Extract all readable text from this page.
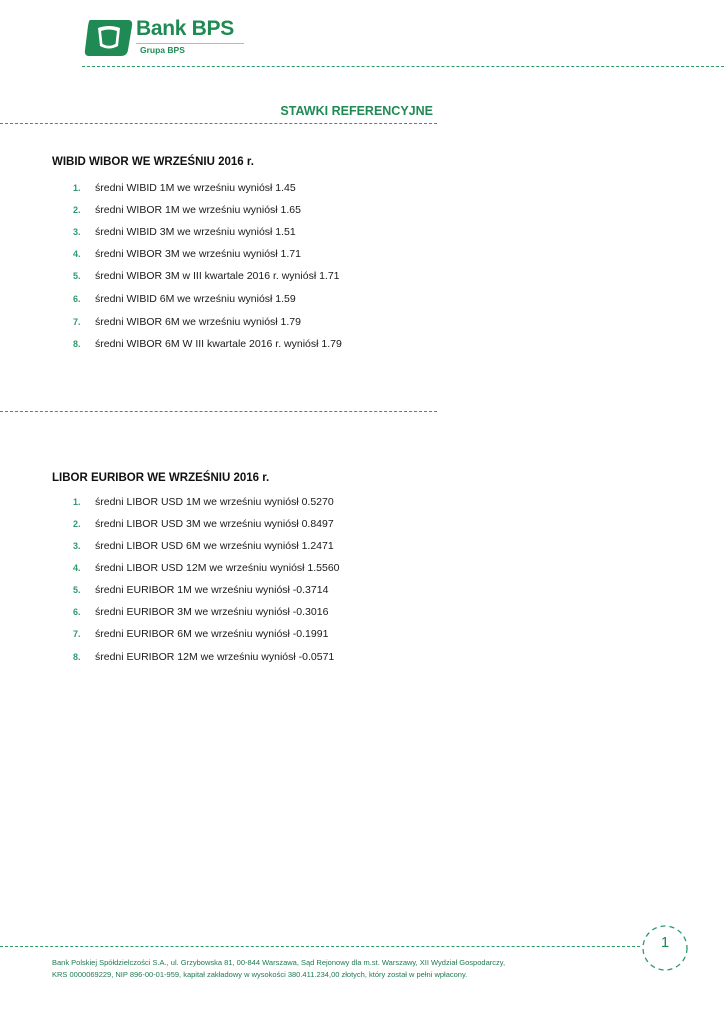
Bank BPS
Grupa BPS
STAWKI REFERENCYJNE
WIBID WIBOR WE WRZEŚNIU 2016 r.
1. średni WIBID 1M we wrześniu wyniósł 1.45
2. średni WIBOR 1M we wrześniu wyniósł 1.65
3. średni WIBID 3M we wrześniu wyniósł 1.51
4. średni WIBOR 3M we wrześniu wyniósł 1.71
5. średni WIBOR 3M w III kwartale 2016 r. wyniósł 1.71
6. średni WIBID 6M we wrześniu wyniósł 1.59
7. średni WIBOR 6M we wrześniu wyniósł 1.79
8. średni WIBOR 6M W III kwartale 2016 r. wyniósł 1.79
LIBOR EURIBOR WE WRZEŚNIU 2016 r.
1. średni LIBOR USD 1M we wrześniu wyniósł 0.5270
2. średni LIBOR USD 3M we wrześniu wyniósł 0.8497
3. średni LIBOR USD 6M we wrześniu wyniósł 1.2471
4. średni LIBOR USD 12M we wrześniu wyniósł 1.5560
5. średni EURIBOR 1M we wrześniu wyniósł -0.3714
6. średni EURIBOR 3M we wrześniu wyniósł -0.3016
7. średni EURIBOR 6M we wrześniu wyniósł -0.1991
8. średni EURIBOR 12M we wrześniu wyniósł -0.0571
1
Bank Polskiej Spółdzielczości S.A., ul. Grzybowska 81, 00-844 Warszawa, Sąd Rejonowy dla m.st. Warszawy, XII Wydział Gospodarczy,
KRS 0000069229, NIP 896-00-01-959, kapitał zakładowy w wysokości 380.411.234,00 złotych, który został w pełni wpłacony.
